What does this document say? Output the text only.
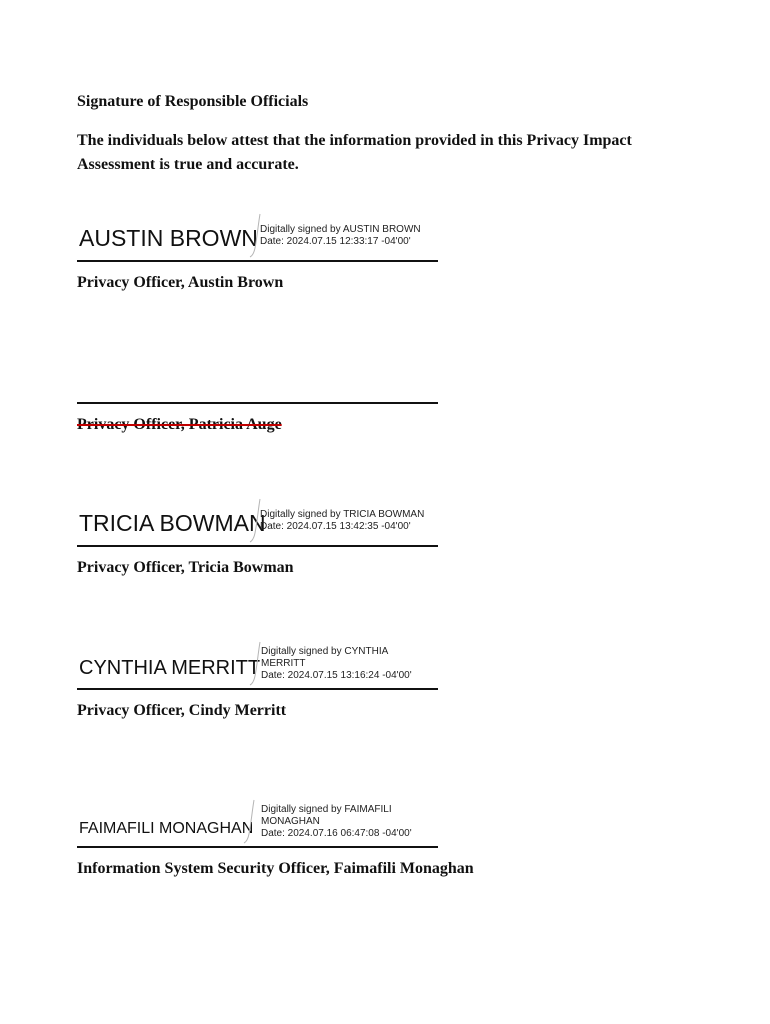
Signature of Responsible Officials

The individuals below attest that the information provided in this Privacy Impact Assessment is true and accurate.

AUSTIN BROWN Digitally signed by AUSTIN BROWN
Date: 2024.07.15 12:33:17 -04'00'
Privacy Officer, Austin Brown
Privacy Officer, Patricia Auge
TRICIA BOWMAN
Digitally signed by TRICIA BOWMAN
Date: 2024.07.15 13:42:35 -04'00'
Privacy Officer, Tricia Bowman
CYNTHIA MERRITT
Digitally signed by CYNTHIA
MERRITT
Date: 2024.07.15 13:16:24 -04'00'
Privacy Officer, Cindy Merritt
FAIMAFILI MONAGHAN
Digitally signed by FAIMAFILI
MONAGHAN
Date: 2024.07.16 06:47:08 -04'00'
Information System Security Officer, Faimafili Monaghan
